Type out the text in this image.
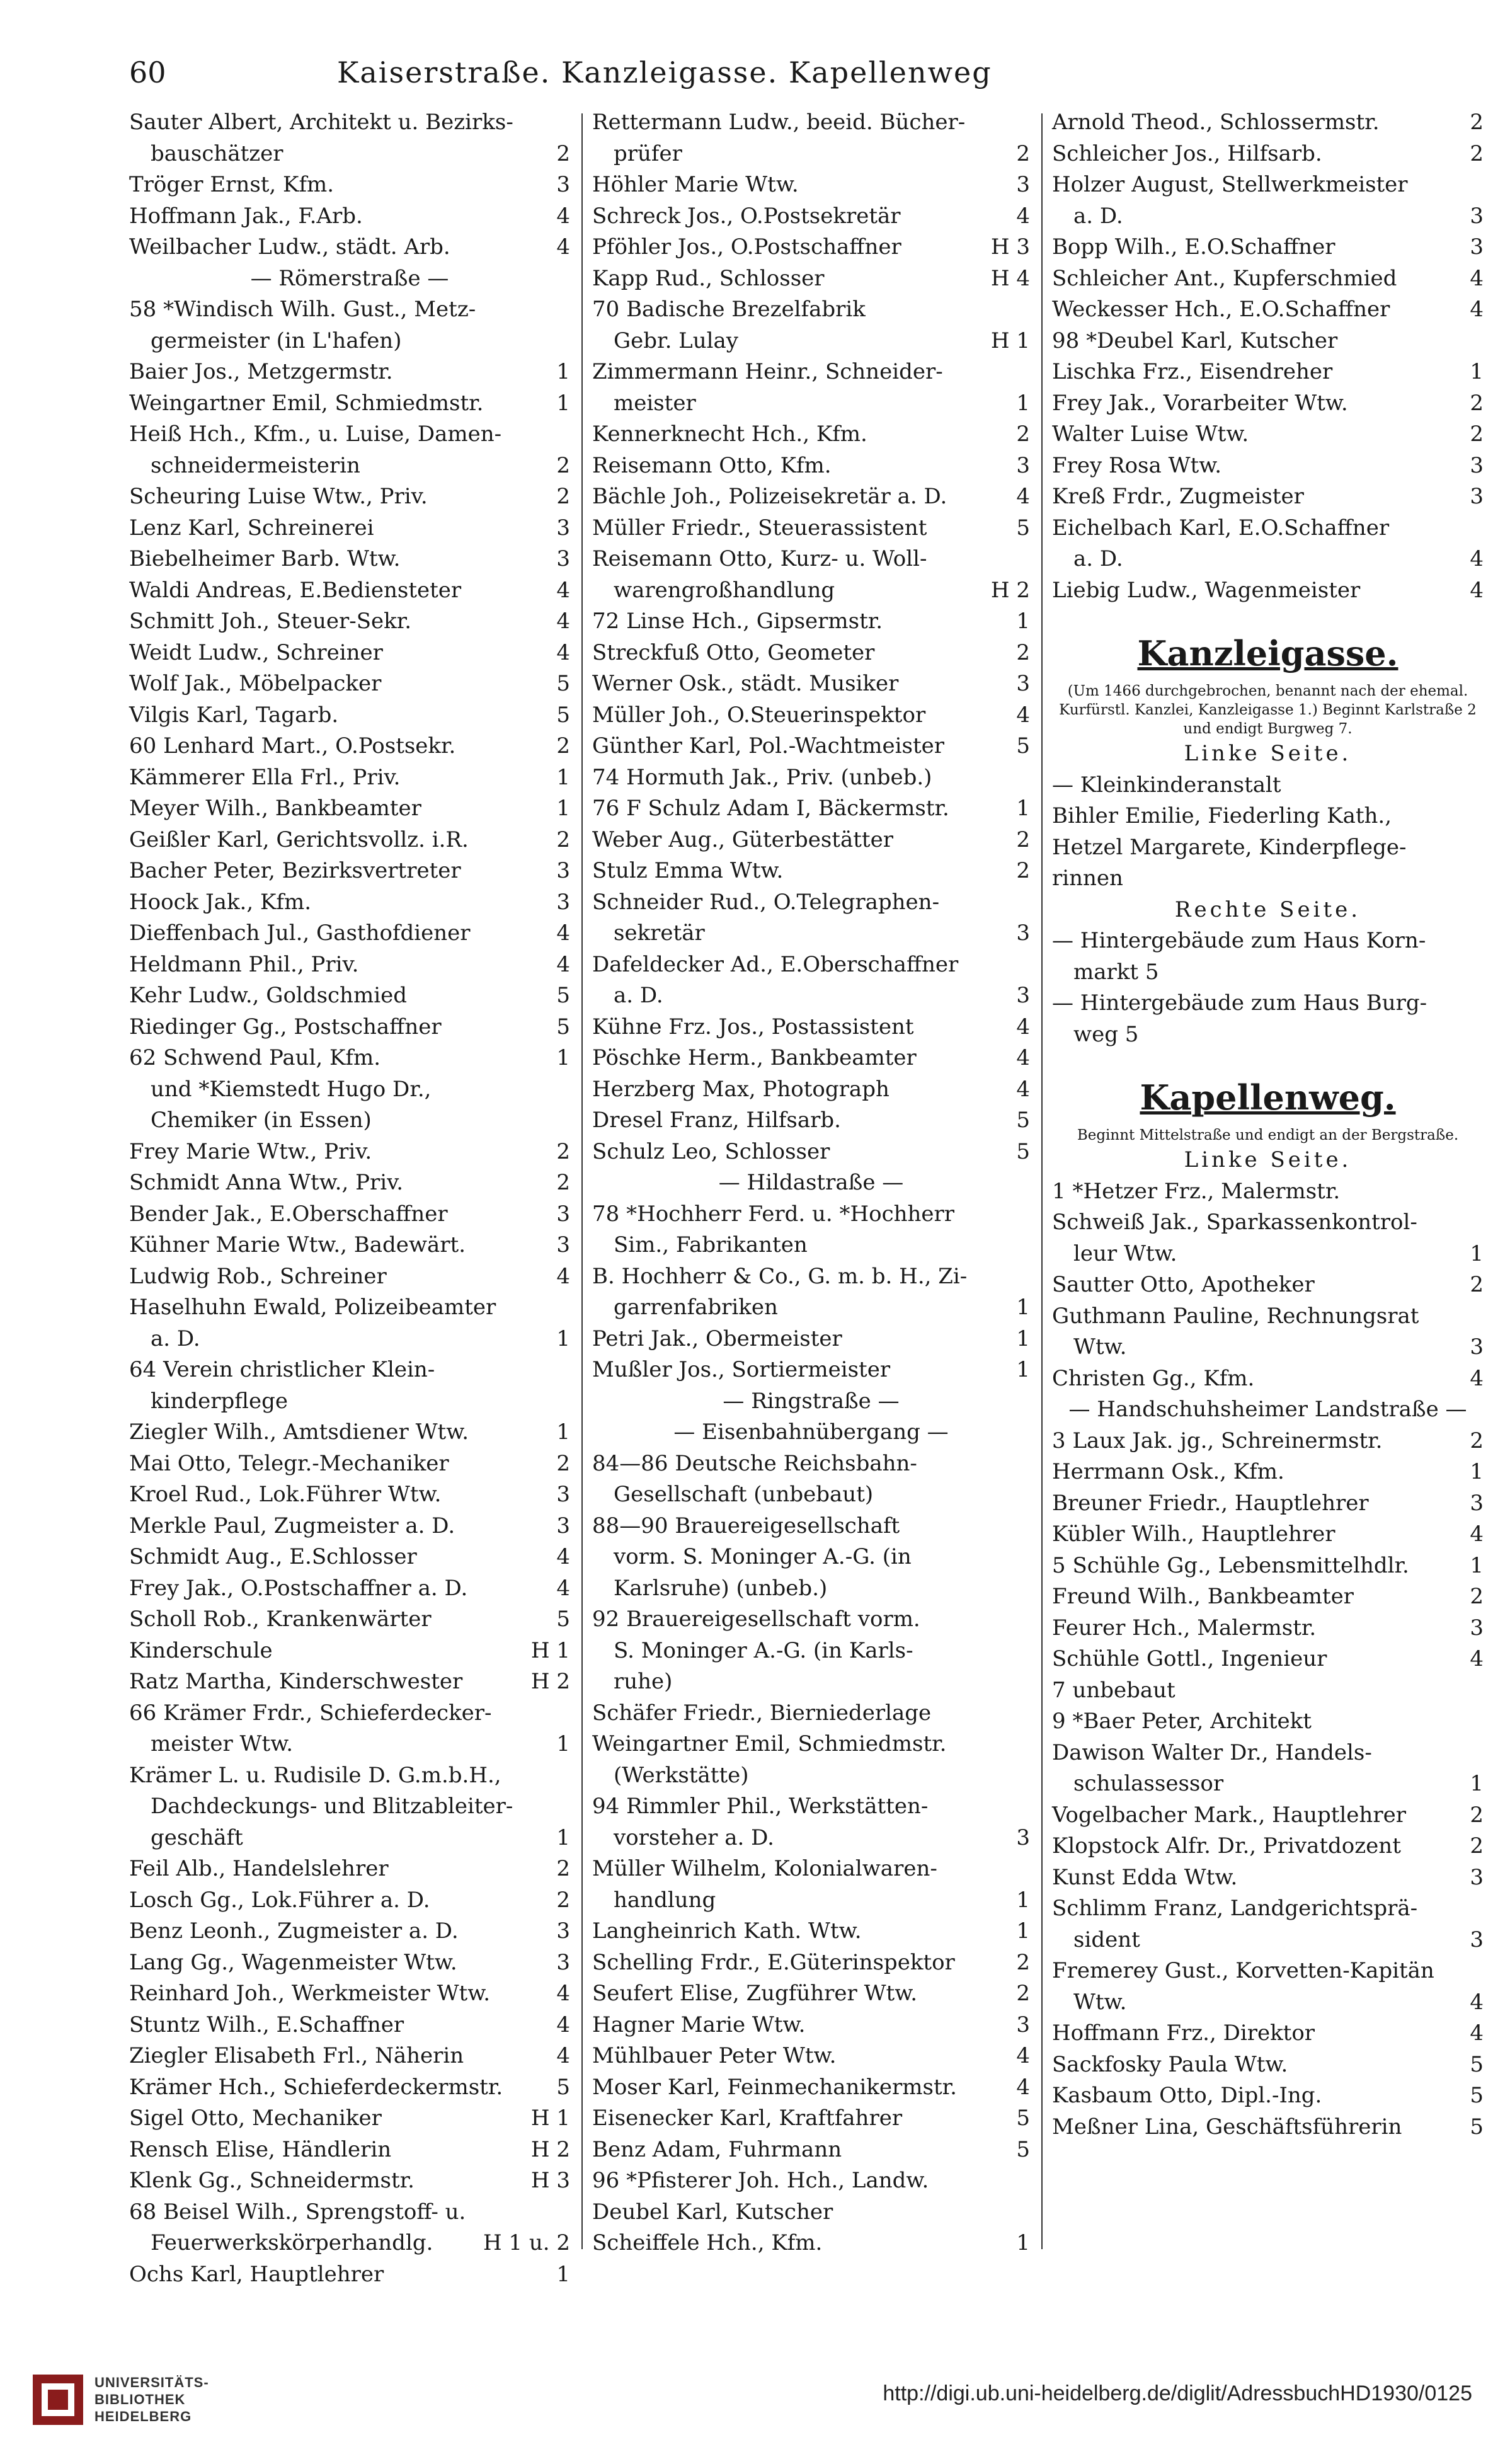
60	Kaiserstraße. Kanzleigasse. Kapellenweg
Sauter Albert, Architekt u. Bezirks-
bauschätzer	2
Tröger Ernst, Kfm.	3
Hoffmann Jak., F.Arb.	4
Weilbacher Ludw., städt. Arb.	4
— Römerstraße —
58 *Windisch Wilh. Gust., Metz-
germeister (in L'hafen)
Baier Jos., Metzgermstr.	1
Weingartner Emil, Schmiedmstr.	1
Heiß Hch., Kfm., u. Luise, Damen-
schneidermeisterin	2
Scheuring Luise Wtw., Priv.	2
Lenz Karl, Schreinerei	3
Biebelheimer Barb. Wtw.	3
Waldi Andreas, E.Bediensteter	4
Schmitt Joh., Steuer-Sekr.	4
Weidt Ludw., Schreiner	4
Wolf Jak., Möbelpacker	5
Vilgis Karl, Tagarb.	5
60 Lenhard Mart., O.Postsekr.	2
Kämmerer Ella Frl., Priv.	1
Meyer Wilh., Bankbeamter	1
Geißler Karl, Gerichtsvollz. i.R.	2
Bacher Peter, Bezirksvertreter	3
Hoock Jak., Kfm.	3
Dieffenbach Jul., Gasthofdiener	4
Heldmann Phil., Priv.	4
Kehr Ludw., Goldschmied	5
Riedinger Gg., Postschaffner	5
62 Schwend Paul, Kfm.	1
und *Kiemstedt Hugo Dr.,
Chemiker (in Essen)
Frey Marie Wtw., Priv.	2
Schmidt Anna Wtw., Priv.	2
Bender Jak., E.Oberschaffner	3
Kühner Marie Wtw., Badewärt.	3
Ludwig Rob., Schreiner	4
Haselhuhn Ewald, Polizeibeamter
a. D.	1
64 Verein christlicher Klein-
kinderpflege
Ziegler Wilh., Amtsdiener Wtw.	1
Mai Otto, Telegr.-Mechaniker	2
Kroel Rud., Lok.Führer Wtw.	3
Merkle Paul, Zugmeister a. D.	3
Schmidt Aug., E.Schlosser	4
Frey Jak., O.Postschaffner a. D.	4
Scholl Rob., Krankenwärter	5
Kinderschule	H 1
Ratz Martha, Kinderschwester	H 2
66 Krämer Frdr., Schieferdecker-
meister Wtw.	1
Krämer L. u. Rudisile D. G.m.b.H.,
Dachdeckungs- und Blitzableiter-
geschäft	1
Feil Alb., Handelslehrer	2
Losch Gg., Lok.Führer a. D.	2
Benz Leonh., Zugmeister a. D.	3
Lang Gg., Wagenmeister Wtw.	3
Reinhard Joh., Werkmeister Wtw.	4
Stuntz Wilh., E.Schaffner	4
Ziegler Elisabeth Frl., Näherin	4
Krämer Hch., Schieferdeckermstr.	5
Sigel Otto, Mechaniker	H 1
Rensch Elise, Händlerin	H 2
Klenk Gg., Schneidermstr.	H 3
68 Beisel Wilh., Sprengstoff- u.
Feuerwerkskörperhandlg. H 1 u. 2
Ochs Karl, Hauptlehrer	1
Rettermann Ludw., beeid. Bücher-
prüfer	2
Höhler Marie Wtw.	3
Schreck Jos., O.Postsekretär	4
Pföhler Jos., O.Postschaffner	H 3
Kapp Rud., Schlosser	H 4
70 Badische Brezelfabrik
Gebr. Lulay	H 1
Zimmermann Heinr., Schneider-
meister	1
Kennerknecht Hch., Kfm.	2
Reisemann Otto, Kfm.	3
Bächle Joh., Polizeisekretär a. D.	4
Müller Friedr., Steuerassistent	5
Reisemann Otto, Kurz- u. Woll-
warengroßhandlung	H 2
72 Linse Hch., Gipsermstr.	1
Streckfuß Otto, Geometer	2
Werner Osk., städt. Musiker	3
Müller Joh., O.Steuerinspektor	4
Günther Karl, Pol.-Wachtmeister	5
74 Hormuth Jak., Priv. (unbeb.)
76 F Schulz Adam I, Bäckermstr.	1
Weber Aug., Güterbestätter	2
Stulz Emma Wtw.	2
Schneider Rud., O.Telegraphen-
sekretär	3
Dafeldecker Ad., E.Oberschaffner
a. D.	3
Kühne Frz. Jos., Postassistent	4
Pöschke Herm., Bankbeamter	4
Herzberg Max, Photograph	4
Dresel Franz, Hilfsarb.	5
Schulz Leo, Schlosser	5
— Hildastraße —
78 *Hochherr Ferd. u. *Hochherr
Sim., Fabrikanten
B. Hochherr & Co., G. m. b. H., Zi-
garrenfabriken	1
Petri Jak., Obermeister	1
Mußler Jos., Sortiermeister	1
— Ringstraße —
— Eisenbahnübergang —
84—86 Deutsche Reichsbahn-
Gesellschaft (unbebaut)
88—90 Brauereigesellschaft
vorm. S. Moninger A.-G. (in
Karlsruhe) (unbeb.)
92 Brauereigesellschaft vorm.
S. Moninger A.-G. (in Karls-
ruhe)
Schäfer Friedr., Bierniederlage
Weingartner Emil, Schmiedmstr.
(Werkstätte)
94 Rimmler Phil., Werkstätten-
vorsteher a. D.	3
Müller Wilhelm, Kolonialwaren-
handlung	1
Langheinrich Kath. Wtw.	1
Schelling Frdr., E.Güterinspektor	2
Seufert Elise, Zugführer Wtw.	2
Hagner Marie Wtw.	3
Mühlbauer Peter Wtw.	4
Moser Karl, Feinmechanikermstr.	4
Eisenecker Karl, Kraftfahrer	5
Benz Adam, Fuhrmann	5
96 *Pfisterer Joh. Hch., Landw.
Deubel Karl, Kutscher
Scheiffele Hch., Kfm.	1
Arnold Theod., Schlossermstr.	2
Schleicher Jos., Hilfsarb.	2
Holzer August, Stellwerkmeister
a. D.	3
Bopp Wilh., E.O.Schaffner	3
Schleicher Ant., Kupferschmied	4
Weckesser Hch., E.O.Schaffner	4
98 *Deubel Karl, Kutscher
Lischka Frz., Eisendreher	1
Frey Jak., Vorarbeiter Wtw.	2
Walter Luise Wtw.	2
Frey Rosa Wtw.	3
Kreß Frdr., Zugmeister	3
Eichelbach Karl, E.O.Schaffner
a. D.	4
Liebig Ludw., Wagenmeister	4
Kanzleigasse.
(Um 1466 durchgebrochen, benannt nach der ehemal. Kurfürstl. Kanzlei, Kanzleigasse 1.) Beginnt Karlstraße 2 und endigt Burgweg 7.
Linke Seite.
— Kleinkinderanstalt
Bihler Emilie, Fiederling Kath.,
Hetzel Margarete, Kinderpflege-
rinnen
Rechte Seite.
— Hintergebäude zum Haus Korn-
markt 5
— Hintergebäude zum Haus Burg-
weg 5
Kapellenweg.
Beginnt Mittelstraße und endigt an der Bergstraße.
Linke Seite.
1 *Hetzer Frz., Malermstr.
Schweiß Jak., Sparkassenkontrol-
leur Wtw.	1
Sautter Otto, Apotheker	2
Guthmann Pauline, Rechnungsrat
Wtw.	3
Christen Gg., Kfm.	4
— Handschuhsheimer Landstraße —
3 Laux Jak. jg., Schreinermstr.	2
Herrmann Osk., Kfm.	1
Breuner Friedr., Hauptlehrer	3
Kübler Wilh., Hauptlehrer	4
5 Schühle Gg., Lebensmittelhdlr.	1
Freund Wilh., Bankbeamter	2
Feurer Hch., Malermstr.	3
Schühle Gottl., Ingenieur	4
7 unbebaut
9 *Baer Peter, Architekt
Dawison Walter Dr., Handels-
schulassessor	1
Vogelbacher Mark., Hauptlehrer	2
Klopstock Alfr. Dr., Privatdozent	2
Kunst Edda Wtw.	3
Schlimm Franz, Landgerichtsprä-
sident	3
Fremerey Gust., Korvetten-Kapitän
Wtw.	4
Hoffmann Frz., Direktor	4
Sackfosky Paula Wtw.	5
Kasbaum Otto, Dipl.-Ing.	5
Meßner Lina, Geschäftsführerin	5
UNIVERSITÄTS-
BIBLIOTHEK
HEIDELBERG
http://digi.ub.uni-heidelberg.de/diglit/AdressbuchHD1930/0125
